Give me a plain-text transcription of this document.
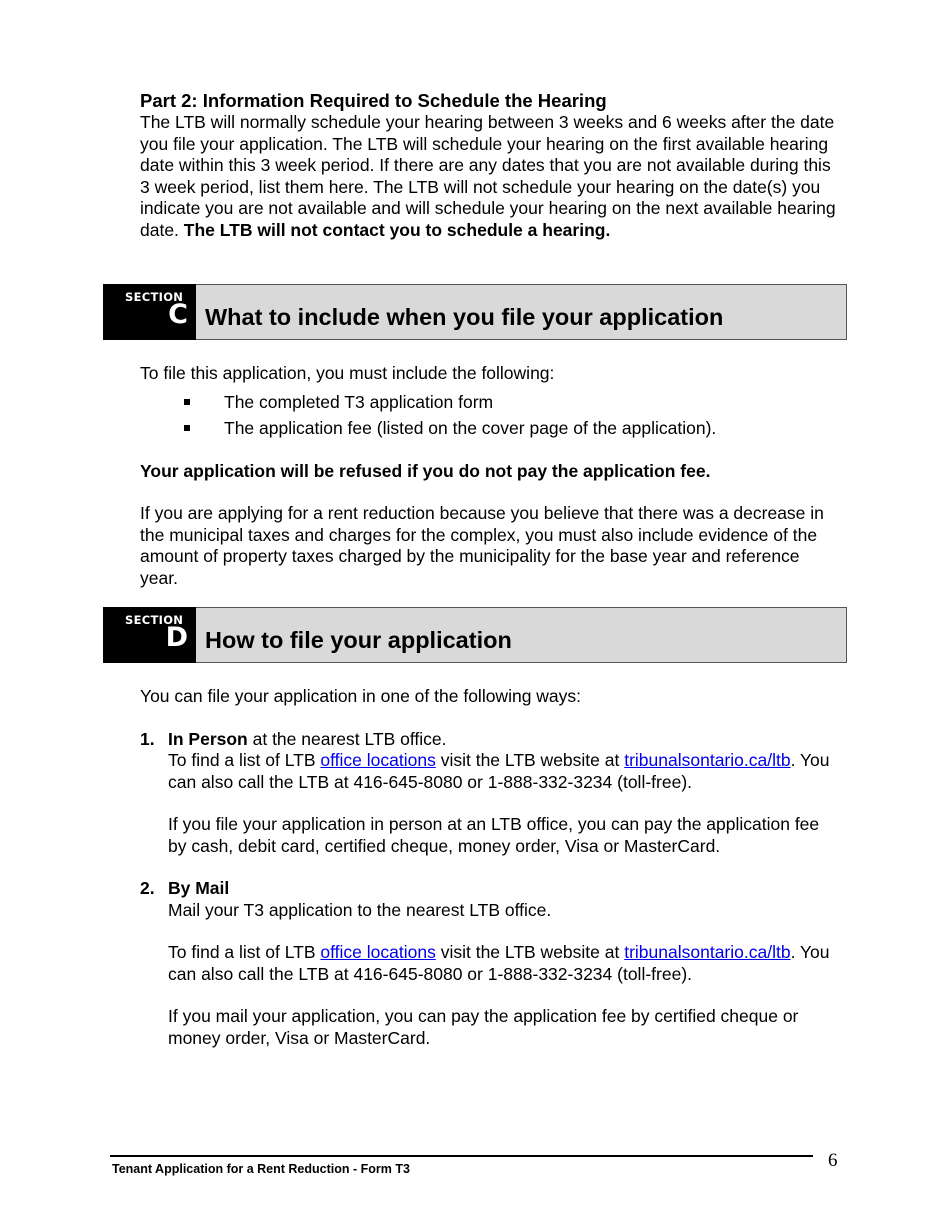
Part 2: Information Required to Schedule the Hearing

The LTB will normally schedule your hearing between 3 weeks and 6 weeks after the date you file your application. The LTB will schedule your hearing on the first available hearing date within this 3 week period. If there are any dates that you are not available during this 3 week period, list them here. The LTB will not schedule your hearing on the date(s) you indicate you are not available and will schedule your hearing on the next available hearing date. The LTB will not contact you to schedule a hearing.

SECTION
C What to include when you file your application

To file this application, you must include the following:

The completed T3 application form
The application fee (listed on the cover page of the application).

Your application will be refused if you do not pay the application fee.

If you are applying for a rent reduction because you believe that there was a decrease in the municipal taxes and charges for the complex, you must also include evidence of the amount of property taxes charged by the municipality for the base year and reference year.

SECTION
D How to file your application

You can file your application in one of the following ways:

1. In Person at the nearest LTB office.

To find a list of LTB office locations visit the LTB website at tribunalsontario.ca/ltb. You can also call the LTB at 416-645-8080 or 1-888-332-3234 (toll-free).

If you file your application in person at an LTB office, you can pay the application fee by cash, debit card, certified cheque, money order, Visa or MasterCard.

2. By Mail

Mail your T3 application to the nearest LTB office.

To find a list of LTB office locations visit the LTB website at tribunalsontario.ca/ltb. You can also call the LTB at 416-645-8080 or 1-888-332-3234 (toll-free).

If you mail your application, you can pay the application fee by certified cheque or money order, Visa or MasterCard.

Tenant Application for a Rent Reduction - Form T3	6
